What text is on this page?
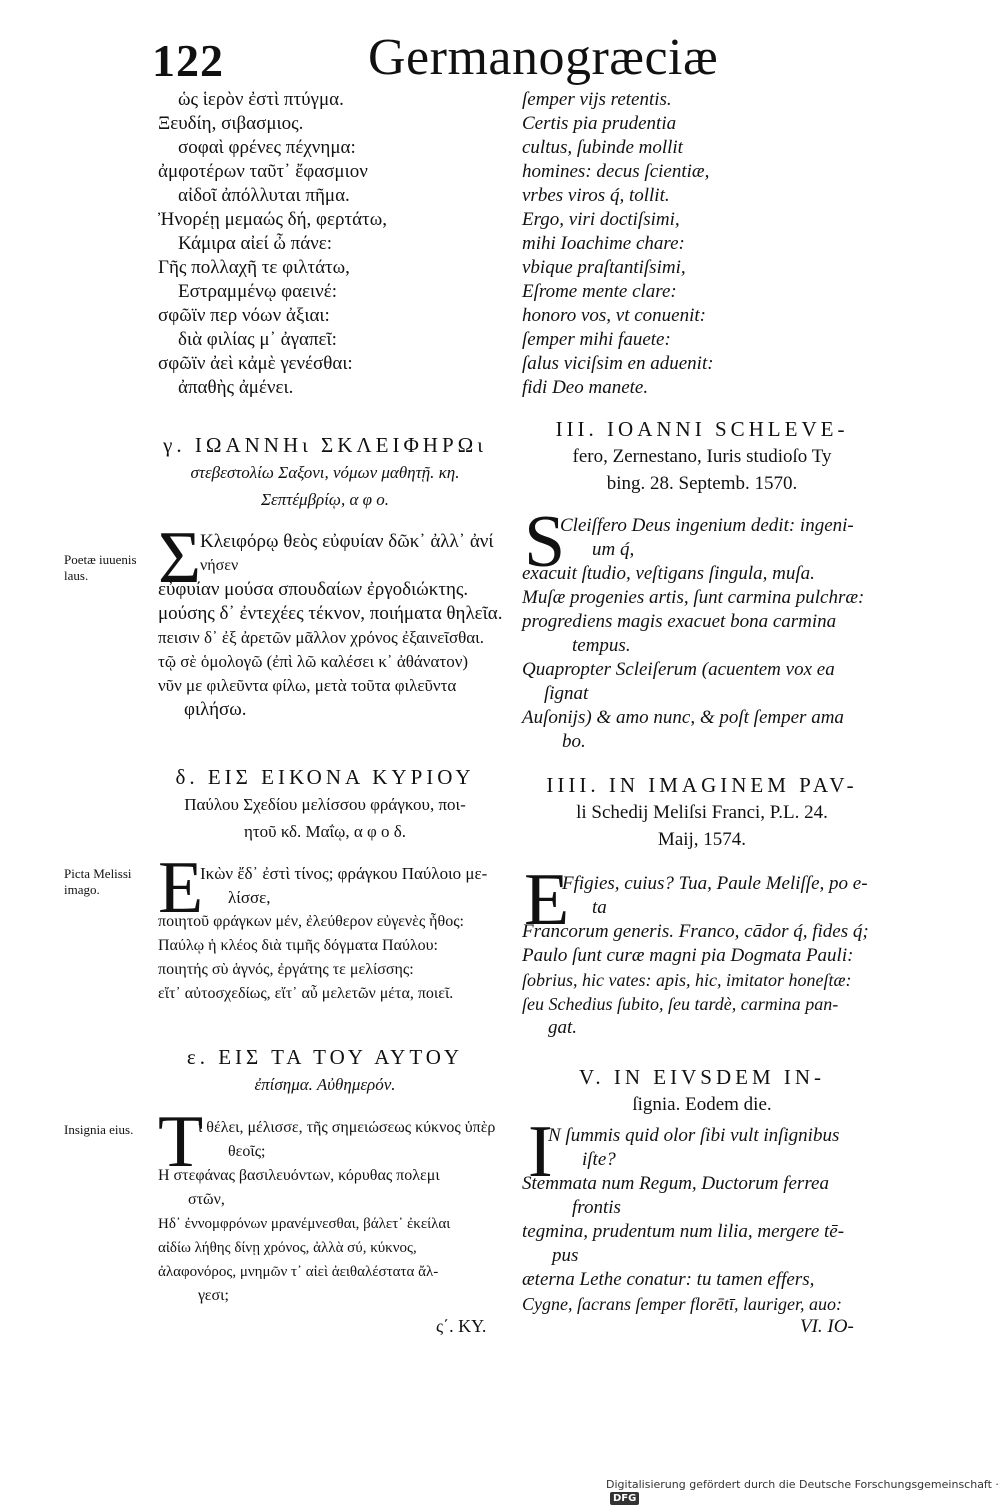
122	Germanogræciæ
ὡς ἱερὸν ἐστὶ πτύγμα.
Ξευδίη, σιβασμιος.
σοφαὶ φρένες πέχνημα:
ἀμφοτέρων ταῦτ᾽ ἔφασμιον
αἰδοῖ ἀπόλλυται πῆμα.
Ἠνορέῃ μεμαώς δή, φερτάτω,
Κάμιρα αἰεί ὦ πάνε:
Γῆς πολλαχῆ τε φιλτάτω,
Εστραμμένῳ φαεινέ:
σφῶϊν περ νόων ἀξιαι:
διὰ φιλίας μ᾽ ἀγαπεῖ:
σφῶϊν ἀεὶ κἀμὲ γενέσθαι:
ἀπαθὴς ἀμένει.
γ. ΙΩΑΝΝΗι ΣΚΛΕΙΦΗΡΩι
στεβεστολίω Σαξονι, νόμων μαθητῇ. κη.
Σεπτέμβρίῳ, α φ ο.
Poetæ iuuenis laus. Σ
Κλειφόρῳ θεὸς εὐφυίαν δῶκ᾽ ἀλλ᾽ ἀνί
νήσεν
εὐφυίαν μούσα σπουδαίων ἐργοδιώκτης.
μούσης δ᾽ ἐντεχέες τέκνον, ποιήματα θηλεῖα.
πεισιν δ᾽ ἐξ ἀρετῶν μᾶλλον χρόνος ἐξαινεῖσθαι.
τῷ σὲ ὁμολογῶ (ἐπὶ λῶ καλέσει κ᾽ ἀθάνατον)
νῦν με φιλεῦντα φίλω, μετὰ τοῦτα φιλεῦντα
φιλήσω.
δ. ΕΙΣ ΕΙΚΟΝΑ ΚΥΡΙΟΥ
Παύλου Σχεδίου μελίσσου φράγκου, ποι-
ητοῦ κδ. Μαΐῳ, α φ ο δ.
Picta Melissi imago. Ε
Ικὼν ἔδ᾽ ἐστὶ τίνος; φράγκου Παύλοιο με-
λίσσε,
ποιητοῦ φράγκων μέν, ἐλεύθερον εὐγενὲς ἦθος:
Παύλῳ ἡ κλέος διὰ τιμῆς δόγματα Παύλου:
ποιητής σὺ ἁγνός, ἐργάτης τε μελίσσης:
εἴτ᾽ αὐτοσχεδίως, εἴτ᾽ αὖ μελετῶν μέτα, ποιεῖ.
ε. ΕΙΣ ΤΑ ΤΟΥ ΑΥΤΟΥ
ἐπίσημα. Αὐθημερόν.
Insignia eius. Τ
ί θέλει, μέλισσε, τῆς σημειώσεως κύκνος ὑπὲρ
θεοῖς;
Η στεφάνας βασιλευόντων, κόρυθας πολεμι
στῶν,
Ηδ᾽ ἐννομφρόνων μρανέμνεσθαι, βάλετ᾽ ἐκείλαι
αἰδίω λήθης δίνῃ χρόνος, ἀλλὰ σύ, κύκνος,
ἀλαφονόρος, μνημῶν τ᾽ αἰεὶ ἀειθαλέστατα ἄλ-
γεσι;
ς΄. ΚΥ.
ſemper vijs retentis.
Certis pia prudentia
cultus, ſubinde mollit
homines: decus ſcientiæ,
vrbes viros q́, tollit.
Ergo, viri doctiſsimi,
mihi Ioachime chare:
vbique praſtantiſsimi,
Eſrome mente clare:
honoro vos, vt conuenit:
ſemper mihi fauete:
ſalus viciſsim en aduenit:
fidi Deo manete.
III. IOANNI SCHLEVE-
fero, Zernestano, Iuris studioſo Ty
bing. 28. Septemb. 1570.
S
Cleiſfero Deus ingenium dedit: ingeni-
um q́,
exacuit ſtudio, veſtigans ſingula, muſa.
Muſæ progenies artis, ſunt carmina pulchræ:
progrediens magis exacuet bona carmina
tempus.
Quapropter Scleiſerum (acuentem vox ea
ſignat
Auſonijs) & amo nunc, & poſt ſemper ama
bo.
IIII. IN IMAGINEM PAV-
li Schedij Meliſsi Franci, P.L. 24.
Maij, 1574.
E
Ffigies, cuius? Tua, Paule Meliſſe, po e-
ta
Francorum generis. Franco, cādor q́, fides q́;
Paulo ſunt curæ magni pia Dogmata Pauli:
ſobrius, hic vates: apis, hic, imitator honeſtæ:
ſeu Schedius ſubito, ſeu tardè, carmina pan-
gat.
V. IN EIVSDEM IN-
ſignia. Eodem die.
I
N ſummis quid olor ſibi vult inſignibus
iſte?
Stemmata num Regum, Ductorum ferrea
frontis
tegmina, prudentum num lilia, mergere tē-
pus
æterna Lethe conatur: tu tamen effers,
Cygne, ſacrans ſemper florētī, lauriger, auo:
VI. IO-
Digitalisierung gefördert durch die Deutsche Forschungsgemeinschaft ·DFG
